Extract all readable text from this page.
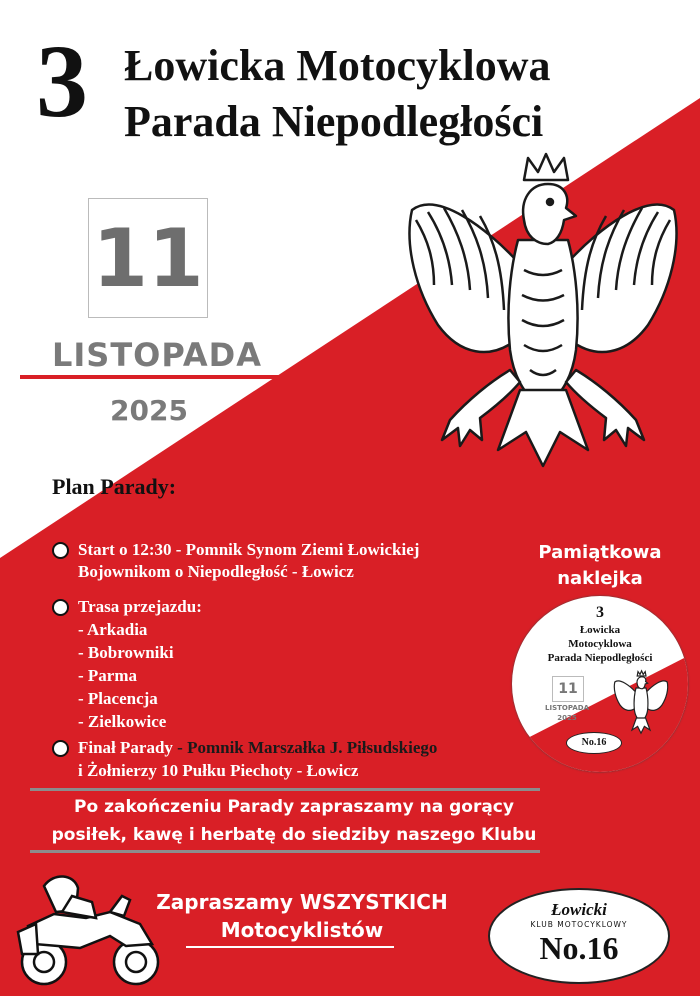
3 Łowicka Motocyklowa
Parada Niepodległości
11
LISTOPADA
2025
Plan Parady:
Start o 12:30 - Pomnik Synom Ziemi Łowickiej
Bojownikom o Niepodległość - Łowicz
Trasa przejazdu:
- Arkadia
- Bobrowniki
- Parma
- Placencja
- Zielkowice
Finał Parady - Pomnik Marszałka J. Piłsudskiego
i Żołnierzy 10 Pułku Piechoty - Łowicz
Pamiątkowa
naklejka
3
Łowicka
Motocyklowa
Parada Niepodległości
11
LISTOPADA
2025
No.16
Po zakończeniu Parady zapraszamy na gorący
posiłek, kawę i herbatę do siedziby naszego Klubu
Zapraszamy WSZYSTKICH
Motocyklistów
Łowicki
KLUB MOTOCYKLOWY
No.16
